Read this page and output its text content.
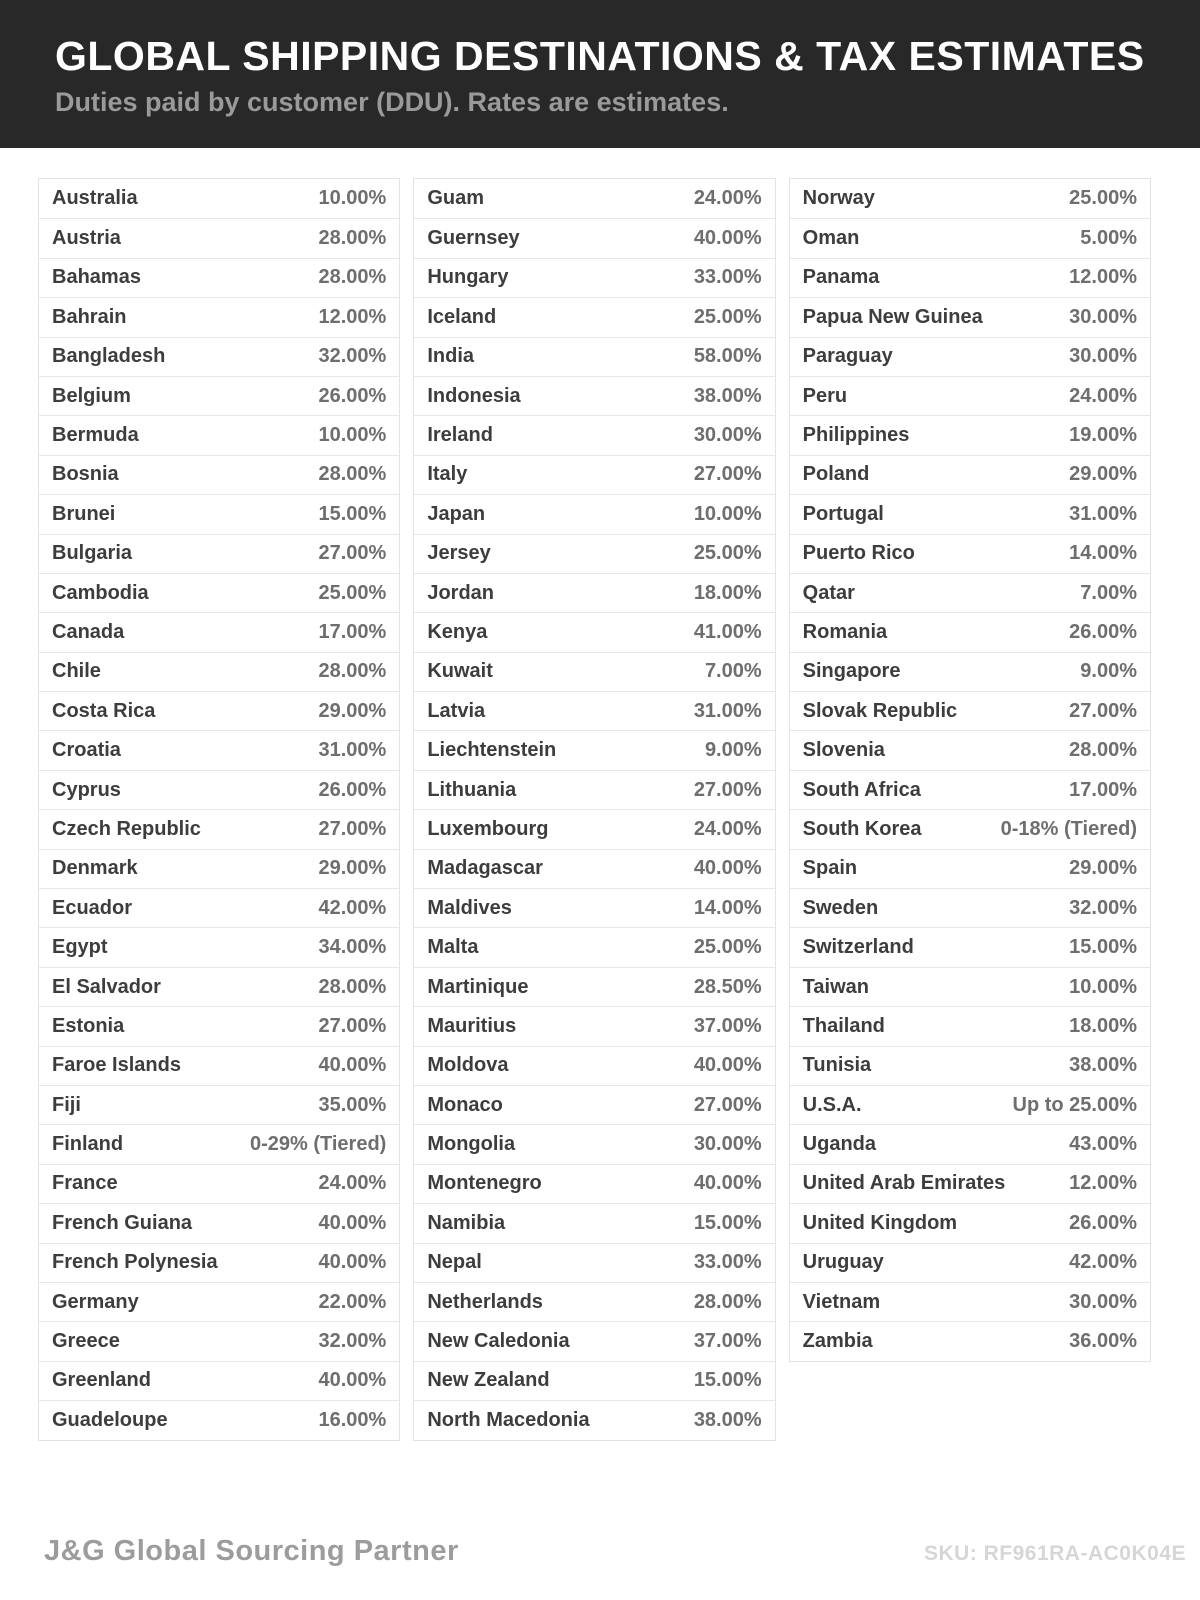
GLOBAL SHIPPING DESTINATIONS & TAX ESTIMATES
Duties paid by customer (DDU). Rates are estimates.
Australia	10.00%
Austria	28.00%
Bahamas	28.00%
Bahrain	12.00%
Bangladesh	32.00%
Belgium	26.00%
Bermuda	10.00%
Bosnia	28.00%
Brunei	15.00%
Bulgaria	27.00%
Cambodia	25.00%
Canada	17.00%
Chile	28.00%
Costa Rica	29.00%
Croatia	31.00%
Cyprus	26.00%
Czech Republic	27.00%
Denmark	29.00%
Ecuador	42.00%
Egypt	34.00%
El Salvador	28.00%
Estonia	27.00%
Faroe Islands	40.00%
Fiji	35.00%
Finland	0-29% (Tiered)
France	24.00%
French Guiana	40.00%
French Polynesia	40.00%
Germany	22.00%
Greece	32.00%
Greenland	40.00%
Guadeloupe	16.00%
Guam	24.00%
Guernsey	40.00%
Hungary	33.00%
Iceland	25.00%
India	58.00%
Indonesia	38.00%
Ireland	30.00%
Italy	27.00%
Japan	10.00%
Jersey	25.00%
Jordan	18.00%
Kenya	41.00%
Kuwait	7.00%
Latvia	31.00%
Liechtenstein	9.00%
Lithuania	27.00%
Luxembourg	24.00%
Madagascar	40.00%
Maldives	14.00%
Malta	25.00%
Martinique	28.50%
Mauritius	37.00%
Moldova	40.00%
Monaco	27.00%
Mongolia	30.00%
Montenegro	40.00%
Namibia	15.00%
Nepal	33.00%
Netherlands	28.00%
New Caledonia	37.00%
New Zealand	15.00%
North Macedonia	38.00%
Norway	25.00%
Oman	5.00%
Panama	12.00%
Papua New Guinea	30.00%
Paraguay	30.00%
Peru	24.00%
Philippines	19.00%
Poland	29.00%
Portugal	31.00%
Puerto Rico	14.00%
Qatar	7.00%
Romania	26.00%
Singapore	9.00%
Slovak Republic	27.00%
Slovenia	28.00%
South Africa	17.00%
South Korea	0-18% (Tiered)
Spain	29.00%
Sweden	32.00%
Switzerland	15.00%
Taiwan	10.00%
Thailand	18.00%
Tunisia	38.00%
U.S.A.	Up to 25.00%
Uganda	43.00%
United Arab Emirates	12.00%
United Kingdom	26.00%
Uruguay	42.00%
Vietnam	30.00%
Zambia	36.00%
J&G Global Sourcing Partner	SKU: RF961RA-AC0K04E
